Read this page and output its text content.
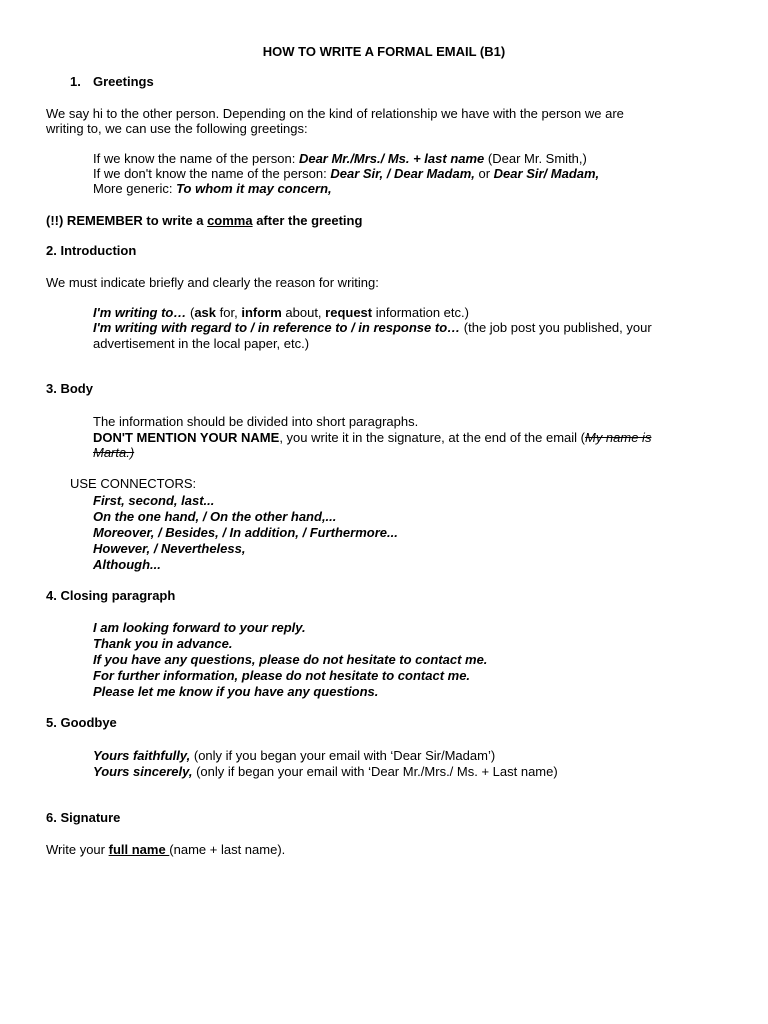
HOW TO WRITE A FORMAL EMAIL (B1)
1. Greetings
We say hi to the other person. Depending on the kind of relationship we have with the person we are
writing to, we can use the following greetings:
If we know the name of the person: Dear Mr./Mrs./ Ms. + last name (Dear Mr. Smith,)
If we don't know the name of the person: Dear Sir, / Dear Madam, or Dear Sir/ Madam,
More generic: To whom it may concern,
(!!) REMEMBER to write a comma after the greeting
2. Introduction
We must indicate briefly and clearly the reason for writing:
I'm writing to… (ask for, inform about, request information etc.)
I'm writing with regard to / in reference to / in response to… (the job post you published, your
advertisement in the local paper, etc.)
3. Body
The information should be divided into short paragraphs.
DON'T MENTION YOUR NAME, you write it in the signature, at the end of the email (My name is
Marta.)
USE CONNECTORS:
First, second, last...
On the one hand, / On the other hand,...
Moreover, / Besides, / In addition, / Furthermore...
However, / Nevertheless,
Although...
4. Closing paragraph
I am looking forward to your reply.
Thank you in advance.
If you have any questions, please do not hesitate to contact me.
For further information, please do not hesitate to contact me.
Please let me know if you have any questions.
5. Goodbye
Yours faithfully, (only if you began your email with ‘Dear Sir/Madam’)
Yours sincerely, (only if began your email with ‘Dear Mr./Mrs./ Ms. + Last name)
6. Signature
Write your full name (name + last name).
